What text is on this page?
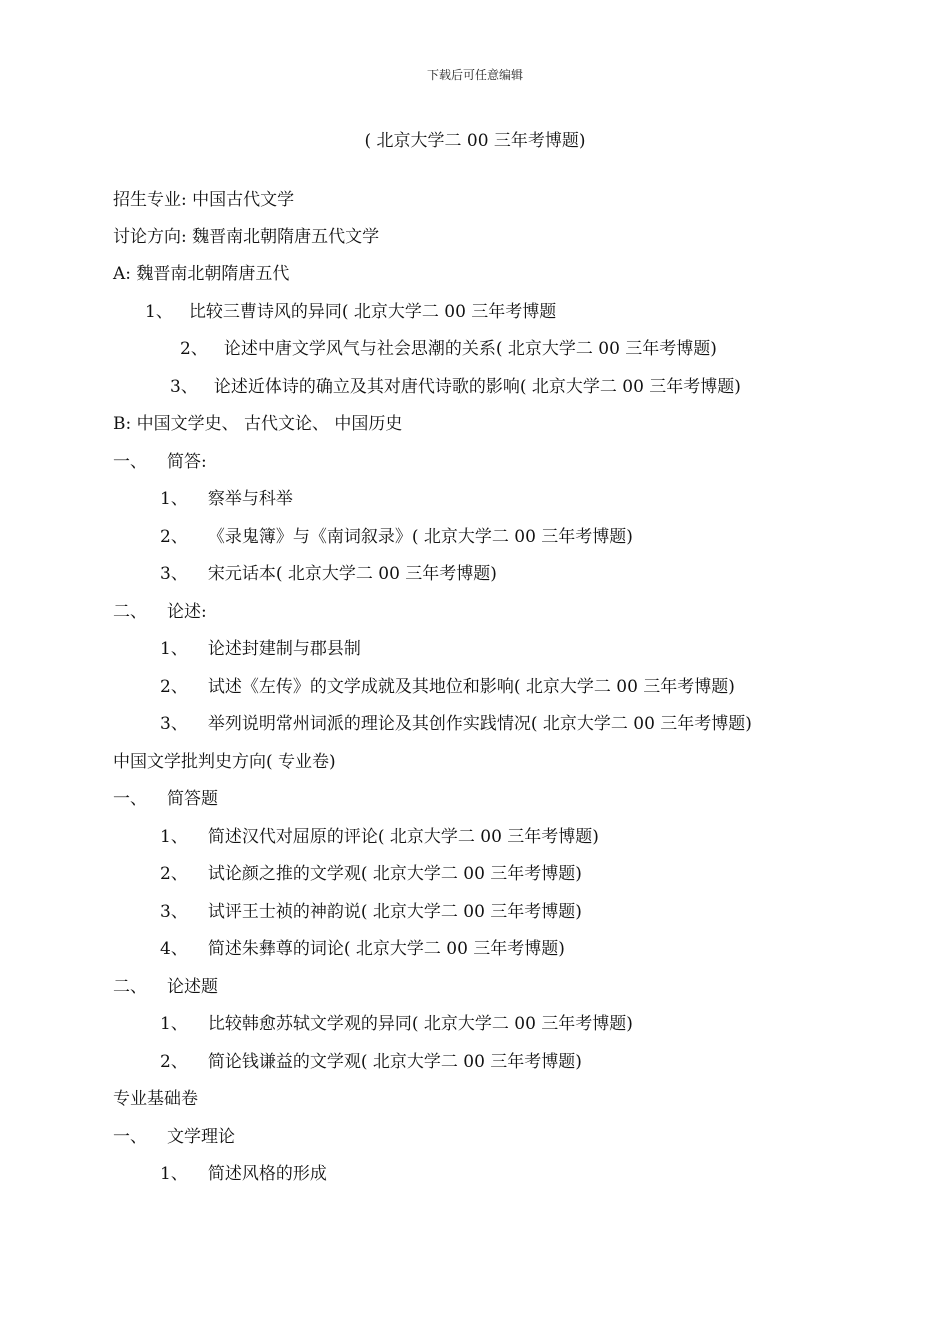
下载后可任意编辑
( 北京大学二 00 三年考博题)
招生专业: 中国古代文学
讨论方向: 魏晋南北朝隋唐五代文学
A: 魏晋南北朝隋唐五代
1、 比较三曹诗风的异同( 北京大学二 00 三年考博题
2、 论述中唐文学风气与社会思潮的关系( 北京大学二 00 三年考博题)
3、 论述近体诗的确立及其对唐代诗歌的影响( 北京大学二 00 三年考博题)
B: 中国文学史、 古代文论、 中国历史
一、 简答:
1、 察举与科举
2、 《录鬼簿》与《南词叙录》( 北京大学二 00 三年考博题)
3、 宋元话本( 北京大学二 00 三年考博题)
二、 论述:
1、 论述封建制与郡县制
2、 试述《左传》的文学成就及其地位和影响( 北京大学二 00 三年考博题)
3、 举列说明常州词派的理论及其创作实践情况( 北京大学二 00 三年考博题)
中国文学批判史方向( 专业卷)
一、 简答题
1、 简述汉代对屈原的评论( 北京大学二 00 三年考博题)
2、 试论颜之推的文学观( 北京大学二 00 三年考博题)
3、 试评王士祯的神韵说( 北京大学二 00 三年考博题)
4、 简述朱彝尊的词论( 北京大学二 00 三年考博题)
二、 论述题
1、 比较韩愈苏轼文学观的异同( 北京大学二 00 三年考博题)
2、 简论钱谦益的文学观( 北京大学二 00 三年考博题)
专业基础卷
一、 文学理论
1、 简述风格的形成
